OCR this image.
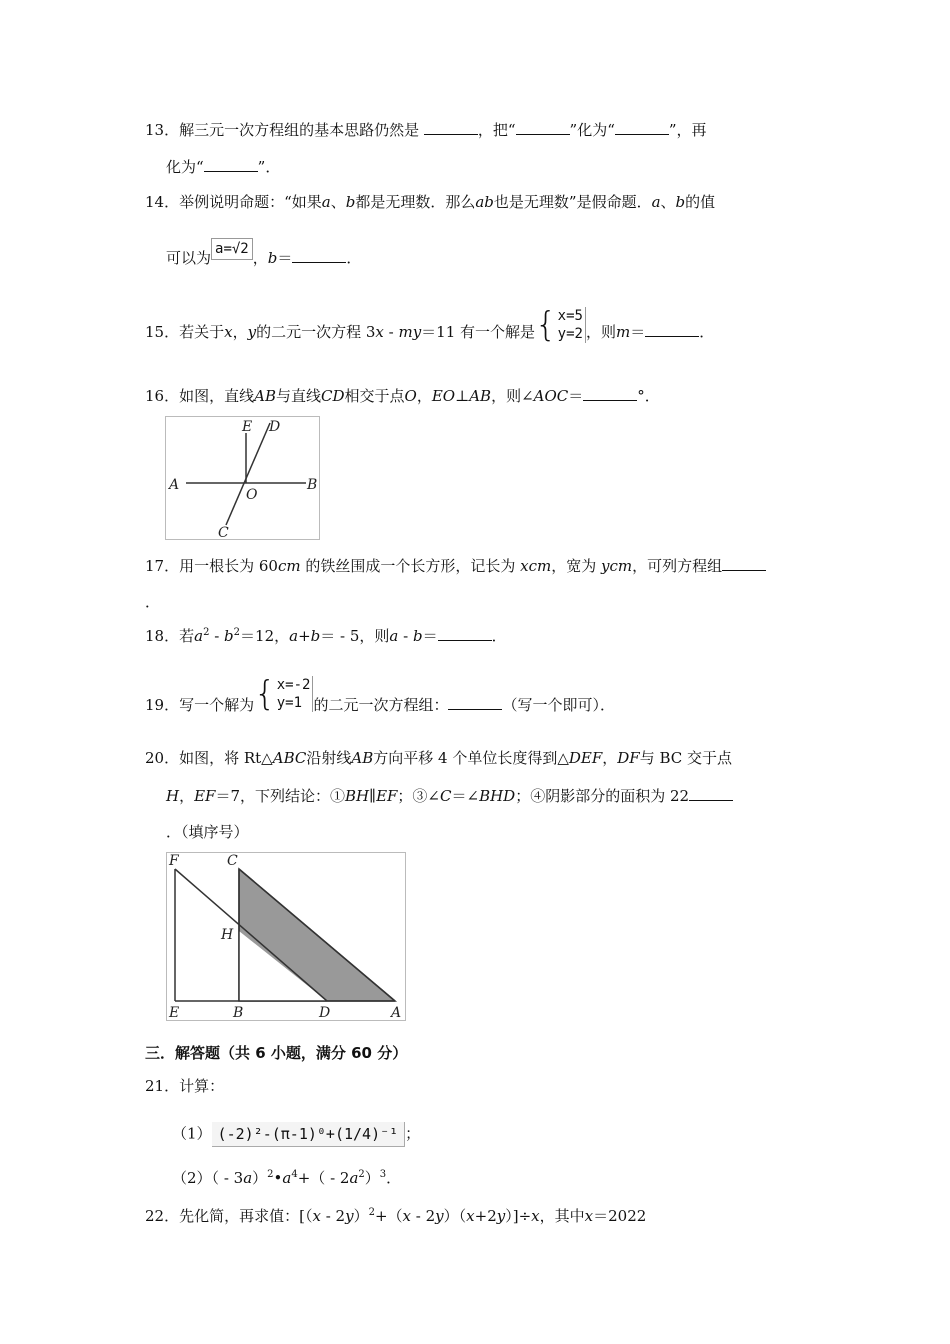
13．解三元一次方程组的基本思路仍然是	，把“	”化为“	”，再
化为“	”．
14．举例说明命题：“如果a、b都是无理数．那么ab也是无理数”是假命题．a、b的值
可以为 a=√2 ，b＝	．
15．若关于x，y的二元一次方程 3x - my＝11 有一个解是 { x=5
y=2 ，则m＝	．
16．如图，直线AB与直线CD相交于点O，EO⊥AB，则∠AOC＝	°．
A	B
E D
O
C
17．用一根长为 60cm 的铁丝围成一个长方形，记长为 xcm，宽为 ycm，可列方程组
．
18．若$a^2 - b^2=12$，a+b＝ - 5，则a - b＝	．
19．写一个解为 { x=-2
y=1 的二元一次方程组：	（写一个即可）．
20．如图，将 Rt△ABC沿射线AB方向平移 4 个单位长度得到△DEF，DF与 BC 交于点
H，EF＝7，下列结论：①BH∥EF；③∠C＝∠BHD；④阴影部分的面积为 22
．（填序号）
F	C
H
E	B	D	A
三．解答题（共 6 小题，满分 60 分）
21．计算：
（1） (-2)²-(π-1)⁰+(1/4)⁻¹ ；
$(2)( - 3a)^2•a^4+( - 2a^2)^3$．
22．先化简，再求值：[（x - 2y）$^2$+（x - 2y）（x+2y）]÷x，其中x＝2022
